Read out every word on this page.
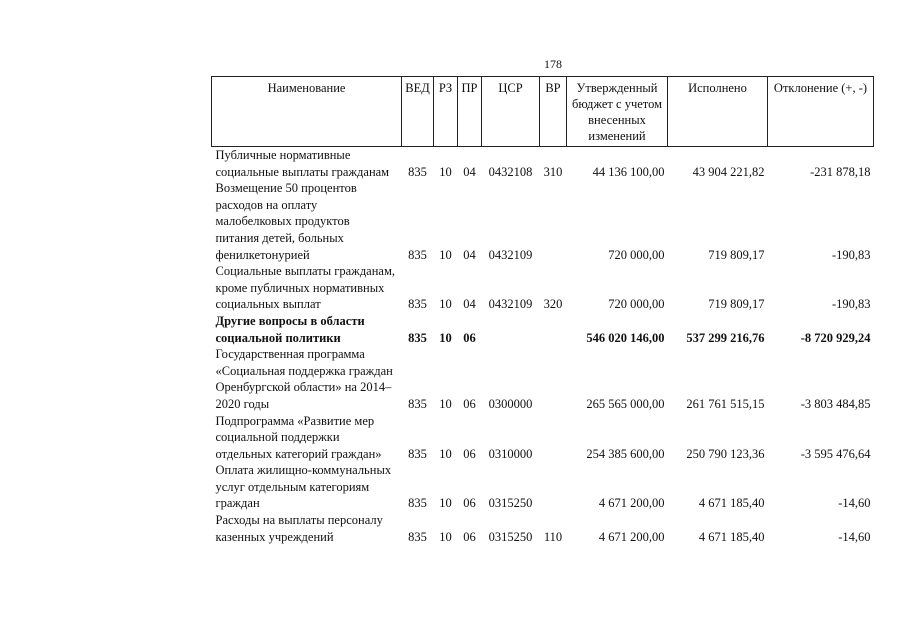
178
Наименование	ВЕД	РЗ	ПР	ЦСР	ВР	Утвержденный бюджет с учетом внесенных изменений	Исполнено	Отклонение (+, -)

Публичные нормативные
социальные выплаты гражданам	835	10	04	0432108	310	44 136 100,00	43 904 221,82	-231 878,18

Возмещение 50 процентов
расходов на оплату
малобелковых продуктов
питания детей, больных
фенилкетонурией	835	10	04	0432109		720 000,00	719 809,17	-190,83

Социальные выплаты гражданам,
кроме публичных нормативных
социальных выплат	835	10	04	0432109	320	720 000,00	719 809,17	-190,83

Другие вопросы в области
социальной политики	835	10	06			546 020 146,00	537 299 216,76	-8 720 929,24

Государственная программа
«Социальная поддержка граждан
Оренбургской области» на 2014–
2020 годы	835	10	06	0300000		265 565 000,00	261 761 515,15	-3 803 484,85

Подпрограмма «Развитие мер
социальной поддержки
отдельных категорий граждан»	835	10	06	0310000		254 385 600,00	250 790 123,36	-3 595 476,64

Оплата жилищно-коммунальных
услуг отдельным категориям
граждан	835	10	06	0315250		4 671 200,00	4 671 185,40	-14,60

Расходы на выплаты персоналу
казенных учреждений	835	10	06	0315250	110	4 671 200,00	4 671 185,40	-14,60
